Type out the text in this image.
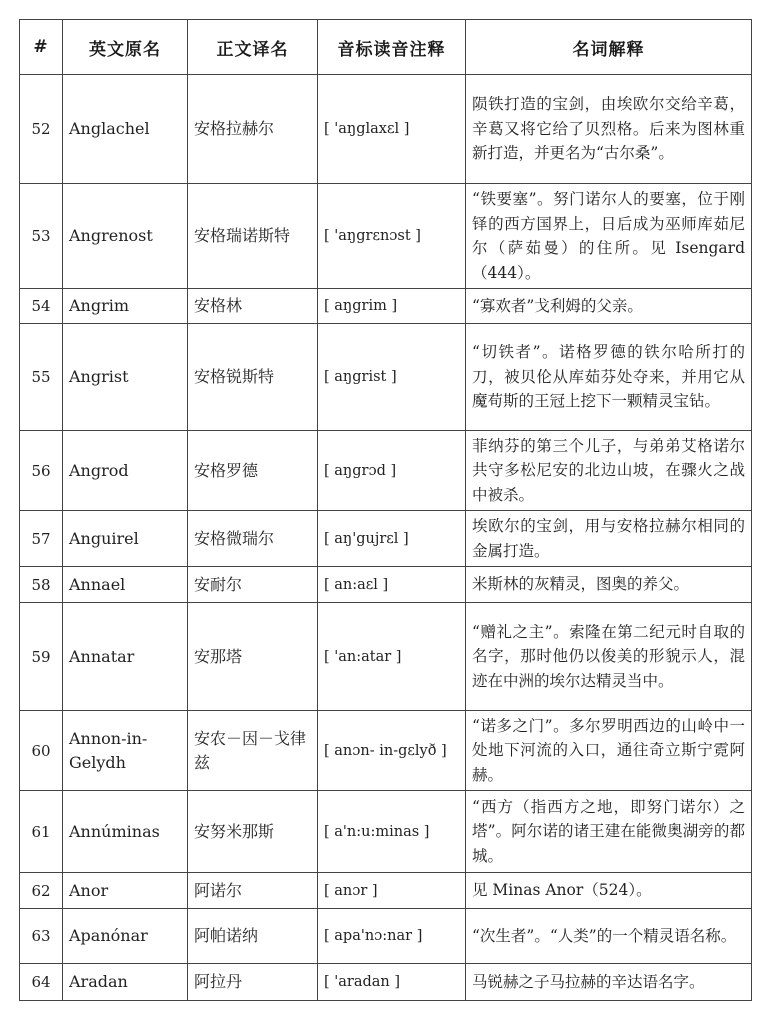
#	英文原名	正文译名	音标读音注释	名词解释
52	Anglachel	安格拉赫尔	[ 'aŋglaxεl ]	陨铁打造的宝剑，由埃欧尔交给辛葛，辛葛又将它给了贝烈格。后来为图林重新打造，并更名为“古尔桑”。
53	Angrenost	安格瑞诺斯特	[ 'aŋgrεnɔst ]	“铁要塞”。努门诺尔人的要塞，位于刚铎的西方国界上，日后成为巫师库茹尼尔（萨茹曼）的住所。见 Isengard（444）。
54	Angrim	安格林	[ aŋgrim ]	“寡欢者”戈利姆的父亲。
55	Angrist	安格锐斯特	[ aŋgrist ]	“切铁者”。诺格罗德的铁尔哈所打的刀，被贝伦从库茹芬处夺来，并用它从魔苟斯的王冠上挖下一颗精灵宝钻。
56	Angrod	安格罗德	[ aŋgrɔd ]	菲纳芬的第三个儿子，与弟弟艾格诺尔共守多松尼安的北边山坡，在骤火之战中被杀。
57	Anguirel	安格微瑞尔	[ aŋ'gujrεl ]	埃欧尔的宝剑，用与安格拉赫尔相同的金属打造。
58	Annael	安耐尔	[ an:aεl ]	米斯林的灰精灵，图奥的养父。
59	Annatar	安那塔	[ 'an:atar ]	“赠礼之主”。索隆在第二纪元时自取的名字，那时他仍以俊美的形貌示人，混迹在中洲的埃尔达精灵当中。
60	Annon-in-Gelydh	安农－因－戈律兹	[ anɔn- in-gεlyð ]	“诺多之门”。多尔罗明西边的山岭中一处地下河流的入口，通往奇立斯宁霓阿赫。
61	Annúminas	安努米那斯	[ a'n:u:minas ]	“西方（指西方之地，即努门诺尔）之塔”。阿尔诺的诸王建在能微奥湖旁的都城。
62	Anor	阿诺尔	[ anɔr ]	见 Minas Anor（524）。
63	Apanónar	阿帕诺纳	[ apa'nɔ:nar ]	“次生者”。“人类”的一个精灵语名称。
64	Aradan	阿拉丹	[ 'aradan ]	马锐赫之子马拉赫的辛达语名字。
